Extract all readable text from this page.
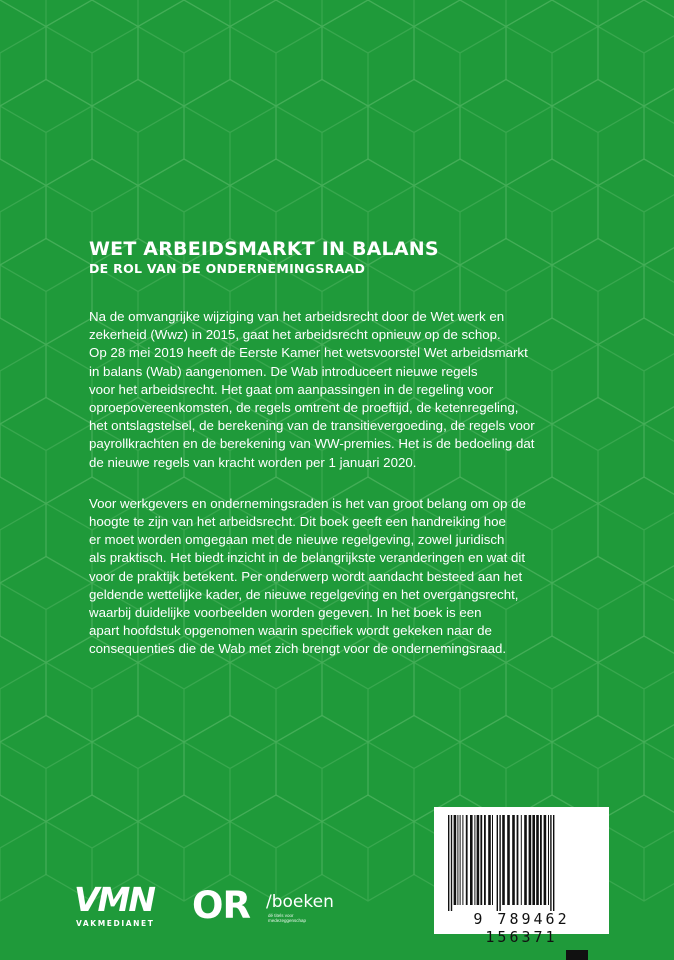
WET ARBEIDSMARKT IN BALANS
DE ROL VAN DE ONDERNEMINGSRAAD

Na de omvangrijke wijziging van het arbeidsrecht door de Wet werk en
zekerheid (Wwz) in 2015, gaat het arbeidsrecht opnieuw op de schop.
Op 28 mei 2019 heeft de Eerste Kamer het wetsvoorstel Wet arbeidsmarkt
in balans (Wab) aangenomen. De Wab introduceert nieuwe regels
voor het arbeidsrecht. Het gaat om aanpassingen in de regeling voor
oproepovereenkomsten, de regels omtrent de proeftijd, de ketenregeling,
het ontslagstelsel, de berekening van de transitievergoeding, de regels voor
payrollkrachten en de berekening van WW-premies. Het is de bedoeling dat
de nieuwe regels van kracht worden per 1 januari 2020.

Voor werkgevers en ondernemingsraden is het van groot belang om op de
hoogte te zijn van het arbeidsrecht. Dit boek geeft een handreiking hoe
er moet worden omgegaan met de nieuwe regelgeving, zowel juridisch
als praktisch. Het biedt inzicht in de belangrijkste veranderingen en wat dit
voor de praktijk betekent. Per onderwerp wordt aandacht besteed aan het
geldende wettelijke kader, de nieuwe regelgeving en het overgangsrecht,
waarbij duidelijke voorbeelden worden gegeven. In het boek is een
apart hoofdstuk opgenomen waarin specifiek wordt gekeken naar de
consequenties die de Wab met zich brengt voor de ondernemingsraad.

VMN
VAKMEDIANET OR /boeken
dé titels voor medezeggenschap	9 789462 156371
